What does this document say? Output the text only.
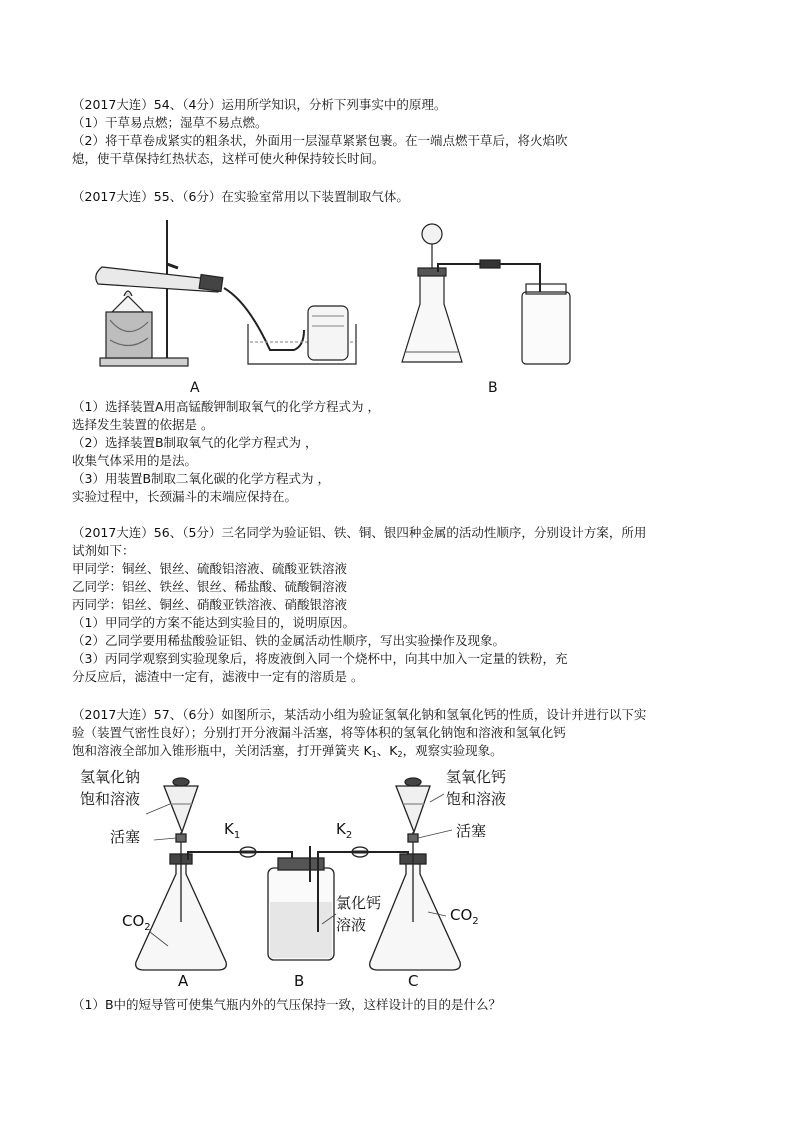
（2017大连）54、（4分）运用所学知识，分析下列事实中的原理。
（1）干草易点燃；湿草不易点燃。
（2）将干草卷成紧实的粗条状，外面用一层湿草紧紧包裹。在一端点燃干草后，将火焰吹
熄，使干草保持红热状态，这样可使火种保持较长时间。
（2017大连）55、（6分）在实验室常用以下装置制取气体。
A	B
（1）选择装置A用高锰酸钾制取氧气的化学方程式为 ，
选择发生装置的依据是 。
（2）选择装置B制取氧气的化学方程式为 ，
收集气体采用的是法。
（3）用装置B制取二氧化碳的化学方程式为 ，
实验过程中，长颈漏斗的末端应保持在。
（2017大连）56、（5分）三名同学为验证铝、铁、铜、银四种金属的活动性顺序，分别设计方案，所用
试剂如下：
甲同学：铜丝、银丝、硫酸铝溶液、硫酸亚铁溶液
乙同学：铝丝、铁丝、银丝、稀盐酸、硫酸铜溶液
丙同学：铝丝、铜丝、硝酸亚铁溶液、硝酸银溶液
（1）甲同学的方案不能达到实验目的，说明原因。
（2）乙同学要用稀盐酸验证铝、铁的金属活动性顺序，写出实验操作及现象。
（3）丙同学观察到实验现象后，将废液倒入同一个烧杯中，向其中加入一定量的铁粉，充
分反应后，滤渣中一定有，滤液中一定有的溶质是 。
（2017大连）57、（6分）如图所示，某活动小组为验证氢氧化钠和氢氧化钙的性质，设计并进行以下实
验（装置气密性良好）；分别打开分液漏斗活塞，将等体积的氢氧化钠饱和溶液和氢氧化钙
饱和溶液全部加入锥形瓶中，关闭活塞，打开弹簧夹 $K_1$、$K_2$，观察实验现象。
氢氧化钠
饱和溶液
氢氧化钙
饱和溶液
活塞	活塞
$K_1$	$K_2$
$CO_2$
$CO_2$
氯化钙
溶液
A	B	C
（1）B中的短导管可使集气瓶内外的气压保持一致，这样设计的目的是什么？
